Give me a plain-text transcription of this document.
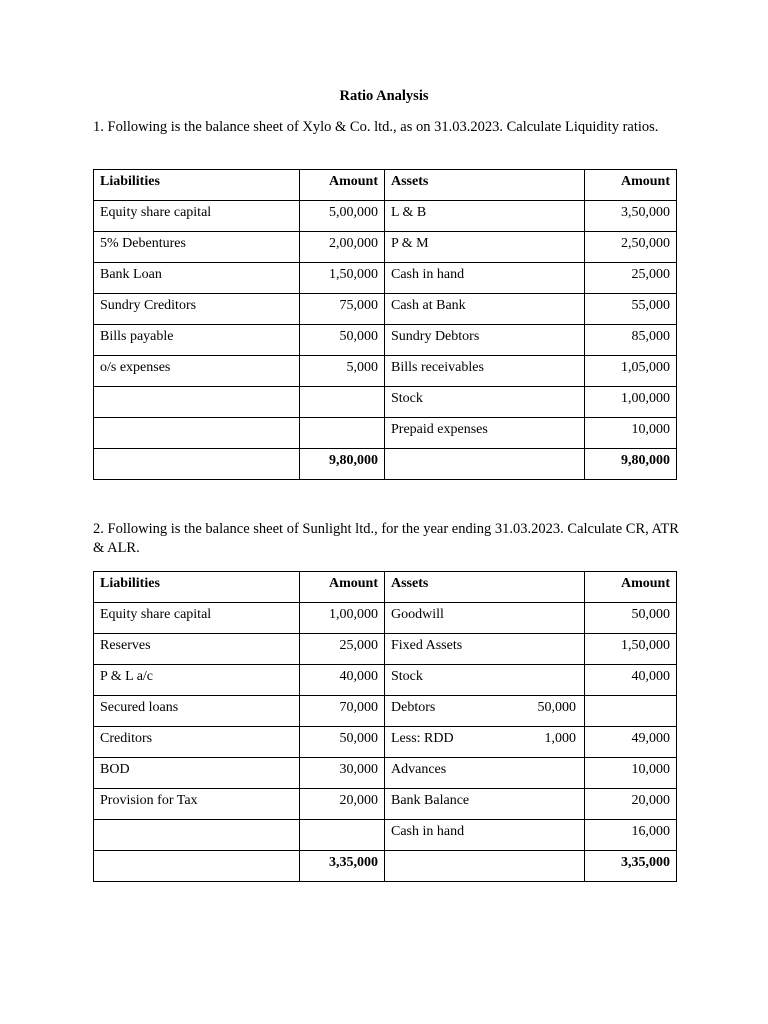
Ratio Analysis
1. Following is the balance sheet of Xylo & Co. ltd., as on 31.03.2023. Calculate Liquidity ratios.
Liabilities	Amount	Assets	Amount
Equity share capital	5,00,000	L & B	3,50,000
5% Debentures	2,00,000	P & M	2,50,000
Bank Loan	1,50,000	Cash in hand	25,000
Sundry Creditors	75,000	Cash at Bank	55,000
Bills payable	50,000	Sundry Debtors	85,000
o/s expenses	5,000	Bills receivables	1,05,000
		Stock	1,00,000
		Prepaid expenses	10,000
	9,80,000		9,80,000
2. Following is the balance sheet of Sunlight ltd., for the year ending 31.03.2023. Calculate CR, ATR & ALR.
Liabilities	Amount	Assets	Amount
Equity share capital	1,00,000	Goodwill	50,000
Reserves	25,000	Fixed Assets	1,50,000
P & L a/c	40,000	Stock	40,000
Secured loans	70,000	Debtors 50,000	

Creditors	50,000	Less: RDD 1,000	49,000
BOD	30,000	Advances	10,000
Provision for Tax	20,000	Bank Balance	20,000

		Cash in hand	16,000
	3,35,000		3,35,000
